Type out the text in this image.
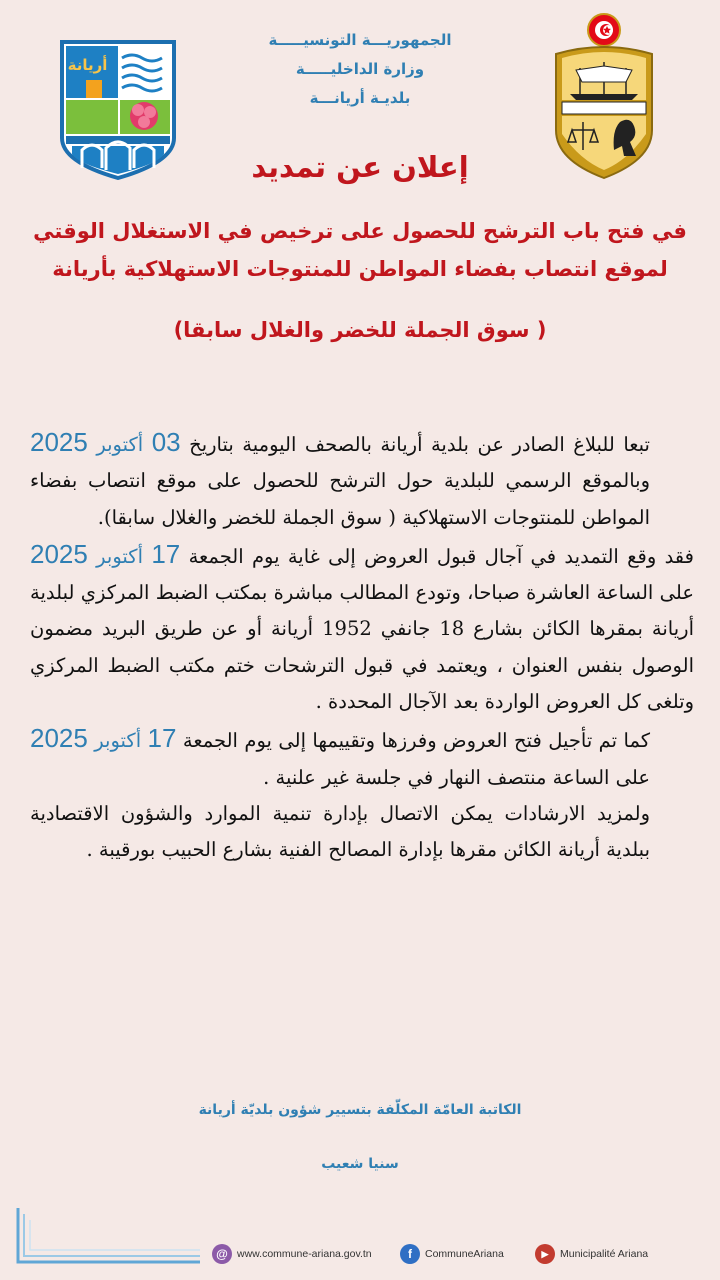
أريانة
الجمهوريـــة التونسيـــــة
وزارة الداخليـــــة
بلديـة أريانـــة
إعلان عن تمديد
في فتح باب الترشح للحصول على ترخيص في الاستغلال الوقتي
لموقع انتصاب بفضاء المواطن للمنتوجات الاستهلاكية بأريانة
( سوق الجملة للخضر والغلال سابقا)

تبعا للبلاغ الصادر عن بلدية أريانة بالصحف اليومية بتاريخ 03 أكتوبر 2025 وبالموقع الرسمي للبلدية حول الترشح للحصول على موقع انتصاب بفضاء المواطن للمنتوجات الاستهلاكية ( سوق الجملة للخضر والغلال سابقا).

فقد وقع التمديد في آجال قبول العروض إلى غاية يوم الجمعة 17 أكتوبر 2025 على الساعة العاشرة صباحا، وتودع المطالب مباشرة بمكتب الضبط المركزي لبلدية أريانة بمقرها الكائن بشارع 18 جانفي 1952 أريانة أو عن طريق البريد مضمون الوصول بنفس العنوان ، ويعتمد في قبول الترشحات ختم مكتب الضبط المركزي وتلغى كل العروض الواردة بعد الآجال المحددة .

كما تم تأجيل فتح العروض وفرزها وتقييمها إلى يوم الجمعة 17 أكتوبر 2025 على الساعة منتصف النهار في جلسة غير علنية .

ولمزيد الارشادات يمكن الاتصال بإدارة تنمية الموارد والشؤون الاقتصادية ببلدية أريانة الكائن مقرها بإدارة المصالح الفنية بشارع الحبيب بورقيبة .

الكاتبة العامّة المكلّفة بتسيير شؤون بلديّة أريانة
سنيا شعيب
@ www.commune-ariana.gov.tn	f	CommuneAriana	▶	Municipalité Ariana
